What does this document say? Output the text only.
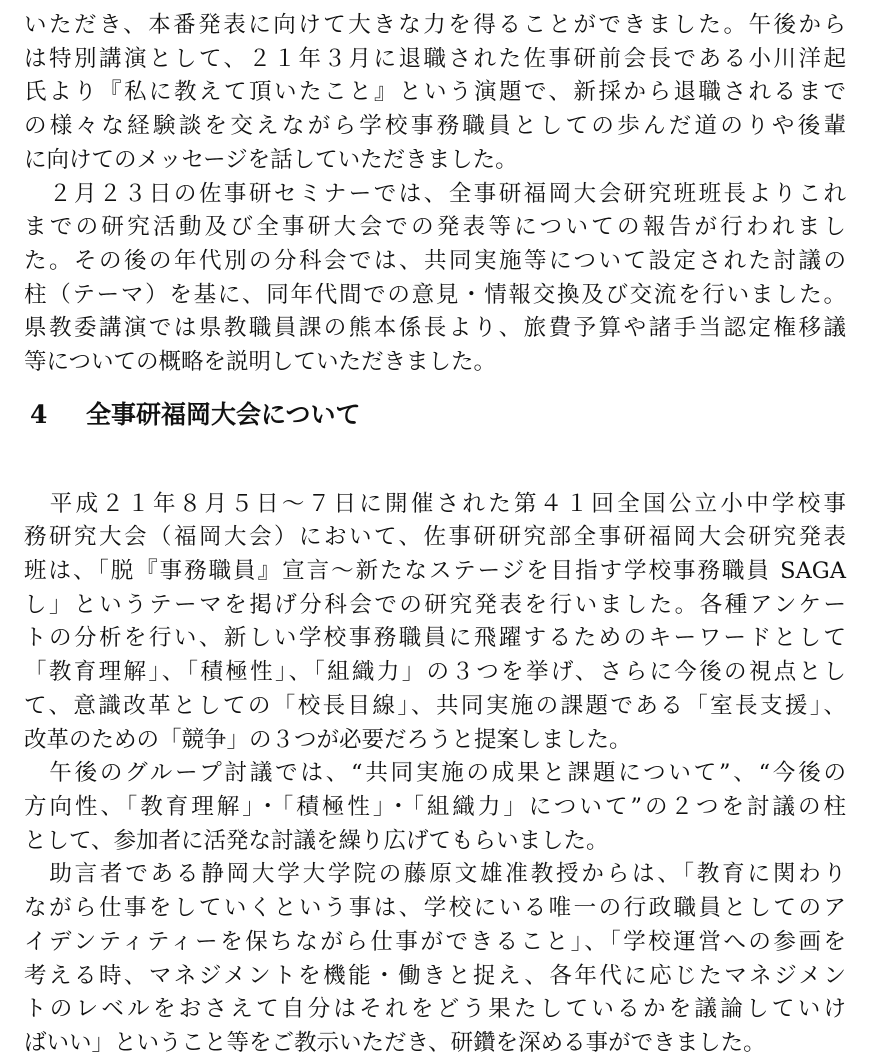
いただき、本番発表に向けて大きな力を得ることができました。午後から
は特別講演として、２１年３月に退職された佐事研前会長である小川洋起
氏より『私に教えて頂いたこと』という演題で、新採から退職されるまで
の様々な経験談を交えながら学校事務職員としての歩んだ道のりや後輩
に向けてのメッセージを話していただきました。
　２月２３日の佐事研セミナーでは、全事研福岡大会研究班班長よりこれ
までの研究活動及び全事研大会での発表等についての報告が行われまし
た。その後の年代別の分科会では、共同実施等について設定された討議の
柱（テーマ）を基に、同年代間での意見・情報交換及び交流を行いました。
県教委講演では県教職員課の熊本係長より、旅費予算や諸手当認定権移議
等についての概略を説明していただきました。
4 全事研福岡大会について
　平成２１年８月５日～７日に開催された第４１回全国公立小中学校事
務研究大会（福岡大会）において、佐事研研究部全事研福岡大会研究発表
班は、「脱『事務職員』宣言～新たなステージを目指す学校事務職員 SAGA
し」というテーマを掲げ分科会での研究発表を行いました。各種アンケー
トの分析を行い、新しい学校事務職員に飛躍するためのキーワードとして
「教育理解」、「積極性」、「組織力」の３つを挙げ、さらに今後の視点とし
て、意識改革としての「校長目線」、共同実施の課題である「室長支援」、
改革のための「競争」の３つが必要だろうと提案しました。
　午後のグループ討議では、“共同実施の成果と課題について”、“今後の
方向性、「教育理解」・「積極性」・「組織力」について”の２つを討議の柱
として、参加者に活発な討議を繰り広げてもらいました。
　助言者である静岡大学大学院の藤原文雄准教授からは、「教育に関わり
ながら仕事をしていくという事は、学校にいる唯一の行政職員としてのア
イデンティティーを保ちながら仕事ができること」、「学校運営への参画を
考える時、マネジメントを機能・働きと捉え、各年代に応じたマネジメン
トのレベルをおさえて自分はそれをどう果たしているかを議論していけ
ばいい」ということ等をご教示いただき、研鑽を深める事ができました。
